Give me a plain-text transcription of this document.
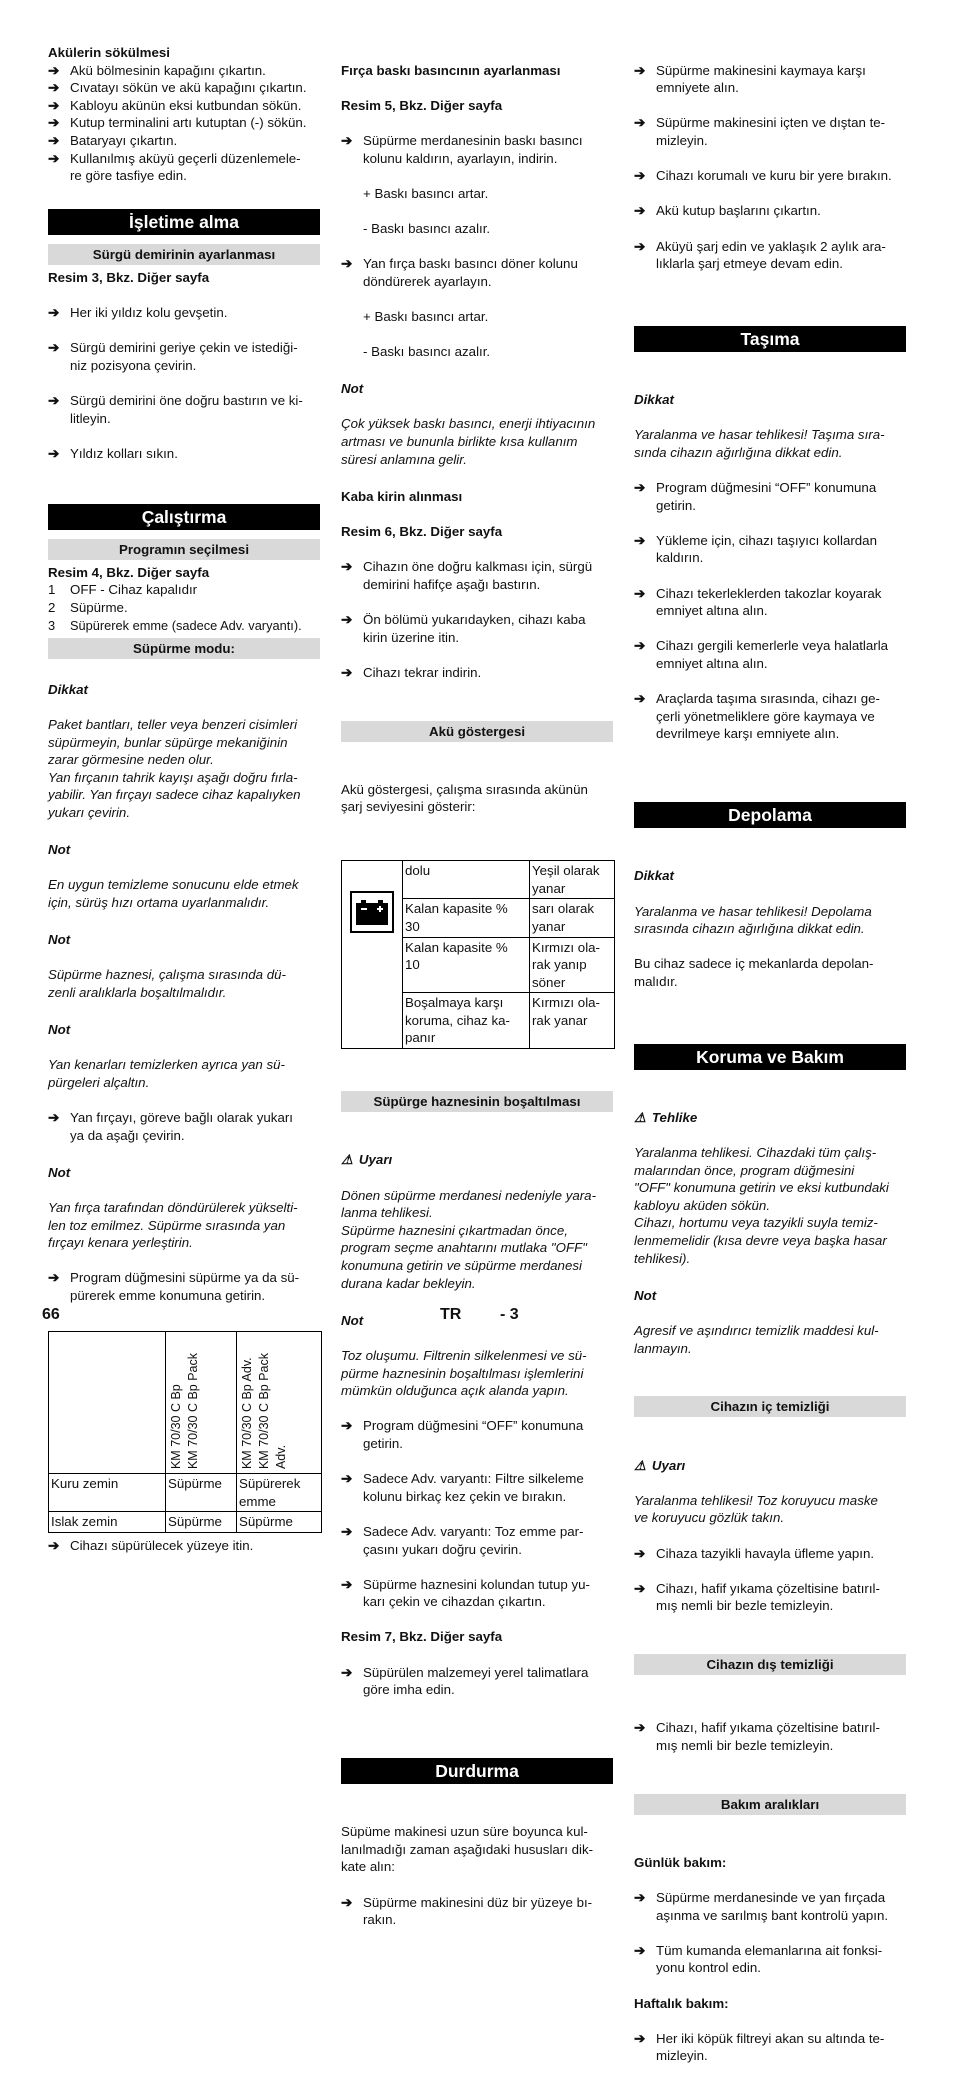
Akülerin sökülmesi
➔ Akü bölmesinin kapağını çıkartın.
➔ Cıvatayı sökün ve akü kapağını çıkartın.
➔ Kabloyu akünün eksi kutbundan sökün.
➔ Kutup terminalini artı kutuptan (-) sökün.
➔ Bataryayı çıkartın.
➔ Kullanılmış aküyü geçerli düzenlemele-
re göre tasfiye edin.
İşletime alma
Sürgü demirinin ayarlanması
Resim 3, Bkz. Diğer sayfa

➔ Her iki yıldız kolu gevşetin.

➔ Sürgü demirini geriye çekin ve istediği-
niz pozisyona çevirin.

➔ Sürgü demirini öne doğru bastırın ve ki-
litleyin.

➔ Yıldız kolları sıkın.

Çalıştırma
Programın seçilmesi
Resim 4, Bkz. Diğer sayfa
1 OFF - Cihaz kapalıdır
2 Süpürme.
3 Süpürerek emme (sadece Adv. varyantı).
Süpürme modu:

Dikkat

Paket bantları, teller veya benzeri cisimleri
süpürmeyin, bunlar süpürge mekaniğinin
zarar görmesine neden olur.
Yan fırçanın tahrik kayışı aşağı doğru fırla-
yabilir. Yan fırçayı sadece cihaz kapalıyken
yukarı çevirin.

Not

En uygun temizleme sonucunu elde etmek
için, sürüş hızı ortama uyarlanmalıdır.

Not

Süpürme haznesi, çalışma sırasında dü-
zenli aralıklarla boşaltılmalıdır.

Not

Yan kenarları temizlerken ayrıca yan sü-
pürgeleri alçaltın.

➔ Yan fırçayı, göreve bağlı olarak yukarı
ya da aşağı çevirin.

Not

Yan fırça tarafından döndürülerek yükselti-
len toz emilmez. Süpürme sırasında yan
fırçayı kenara yerleştirin.

➔ Program düğmesini süpürme ya da sü-
pürerek emme konumuna getirin.

	KM 70/30 C Bp
KM 70/30 C Bp Pack	KM 70/30 C Bp Adv.
KM 70/30 C Bp Pack
Adv.

Kuru zemin	Süpürme	Süpürerek
emme
Islak zemin	Süpürme	Süpürme
➔ Cihazı süpürülecek yüzeye itin.

Fırça baskı basıncının ayarlanması

Resim 5, Bkz. Diğer sayfa

➔ Süpürme merdanesinin baskı basıncı
kolunu kaldırın, ayarlayın, indirin.

+ Baskı basıncı artar.

- Baskı basıncı azalır.

➔ Yan fırça baskı basıncı döner kolunu
döndürerek ayarlayın.

+ Baskı basıncı artar.

- Baskı basıncı azalır.

Not

Çok yüksek baskı basıncı, enerji ihtiyacının
artması ve bununla birlikte kısa kullanım
süresi anlamına gelir.

Kaba kirin alınması

Resim 6, Bkz. Diğer sayfa

➔ Cihazın öne doğru kalkması için, sürgü
demirini hafifçe aşağı bastırın.

➔ Ön bölümü yukarıdayken, cihazı kaba
kirin üzerine itin.

➔ Cihazı tekrar indirin.

Akü göstergesi

Akü göstergesi, çalışma sırasında akünün
şarj seviyesini gösterir:

	dolu	Yeşil olarak
yanar
	Kalan kapasite %
30	sarı olarak
yanar
	Kalan kapasite %
10	Kırmızı ola-
rak yanıp
söner
	Boşalmaya karşı
koruma, cihaz ka-
panır	Kırmızı ola-
rak yanar

Süpürge haznesinin boşaltılması

⚠ Uyarı

Dönen süpürme merdanesi nedeniyle yara-
lanma tehlikesi.
Süpürme haznesini çıkartmadan önce,
program seçme anahtarını mutlaka "OFF"
konumuna getirin ve süpürme merdanesi
durana kadar bekleyin.

Not

Toz oluşumu. Filtrenin silkelenmesi ve sü-
pürme haznesinin boşaltılması işlemlerini
mümkün olduğunca açık alanda yapın.

➔ Program düğmesini “OFF” konumuna
getirin.

➔ Sadece Adv. varyantı: Filtre silkeleme
kolunu birkaç kez çekin ve bırakın.

➔ Sadece Adv. varyantı: Toz emme par-
çasını yukarı doğru çevirin.

➔ Süpürme haznesini kolundan tutup yu-
karı çekin ve cihazdan çıkartın.

Resim 7, Bkz. Diğer sayfa

➔ Süpürülen malzemeyi yerel talimatlara
göre imha edin.

Durdurma

Süpüme makinesi uzun süre boyunca kul-
lanılmadığı zaman aşağıdaki hususları dik-
kate alın:

➔ Süpürme makinesini düz bir yüzeye bı-
rakın.

➔ Süpürme makinesini kaymaya karşı
emniyete alın.

➔ Süpürme makinesini içten ve dıştan te-
mizleyin.

➔ Cihazı korumalı ve kuru bir yere bırakın.

➔ Akü kutup başlarını çıkartın.

➔ Aküyü şarj edin ve yaklaşık 2 aylık ara-
lıklarla şarj etmeye devam edin.

Taşıma

Dikkat

Yaralanma ve hasar tehlikesi! Taşıma sıra-
sında cihazın ağırlığına dikkat edin.

➔ Program düğmesini “OFF” konumuna
getirin.

➔ Yükleme için, cihazı taşıyıcı kollardan
kaldırın.

➔ Cihazı tekerleklerden takozlar koyarak
emniyet altına alın.

➔ Cihazı gergili kemerlerle veya halatlarla
emniyet altına alın.

➔ Araçlarda taşıma sırasında, cihazı ge-
çerli yönetmeliklere göre kaymaya ve
devrilmeye karşı emniyete alın.

Depolama

Dikkat

Yaralanma ve hasar tehlikesi! Depolama
sırasında cihazın ağırlığına dikkat edin.

Bu cihaz sadece iç mekanlarda depolan-
malıdır.

Koruma ve Bakım

⚠ Tehlike

Yaralanma tehlikesi. Cihazdaki tüm çalış-
malarından önce, program düğmesini
"OFF" konumuna getirin ve eksi kutbundaki
kabloyu aküden sökün.
Cihazı, hortumu veya tazyikli suyla temiz-
lenmemelidir (kısa devre veya başka hasar
tehlikesi).

Not

Agresif ve aşındırıcı temizlik maddesi kul-
lanmayın.

Cihazın iç temizliği

⚠ Uyarı

Yaralanma tehlikesi! Toz koruyucu maske
ve koruyucu gözlük takın.

➔ Cihaza tazyikli havayla üfleme yapın.

➔ Cihazı, hafif yıkama çözeltisine batırıl-
mış nemli bir bezle temizleyin.

Cihazın dış temizliği

➔ Cihazı, hafif yıkama çözeltisine batırıl-
mış nemli bir bezle temizleyin.

Bakım aralıkları

Günlük bakım:

➔ Süpürme merdanesinde ve yan fırçada
aşınma ve sarılmış bant kontrolü yapın.

➔ Tüm kumanda elemanlarına ait fonksi-
yonu kontrol edin.

Haftalık bakım:

➔ Her iki köpük filtreyi akan su altında te-
mizleyin.

66	TR - 3
